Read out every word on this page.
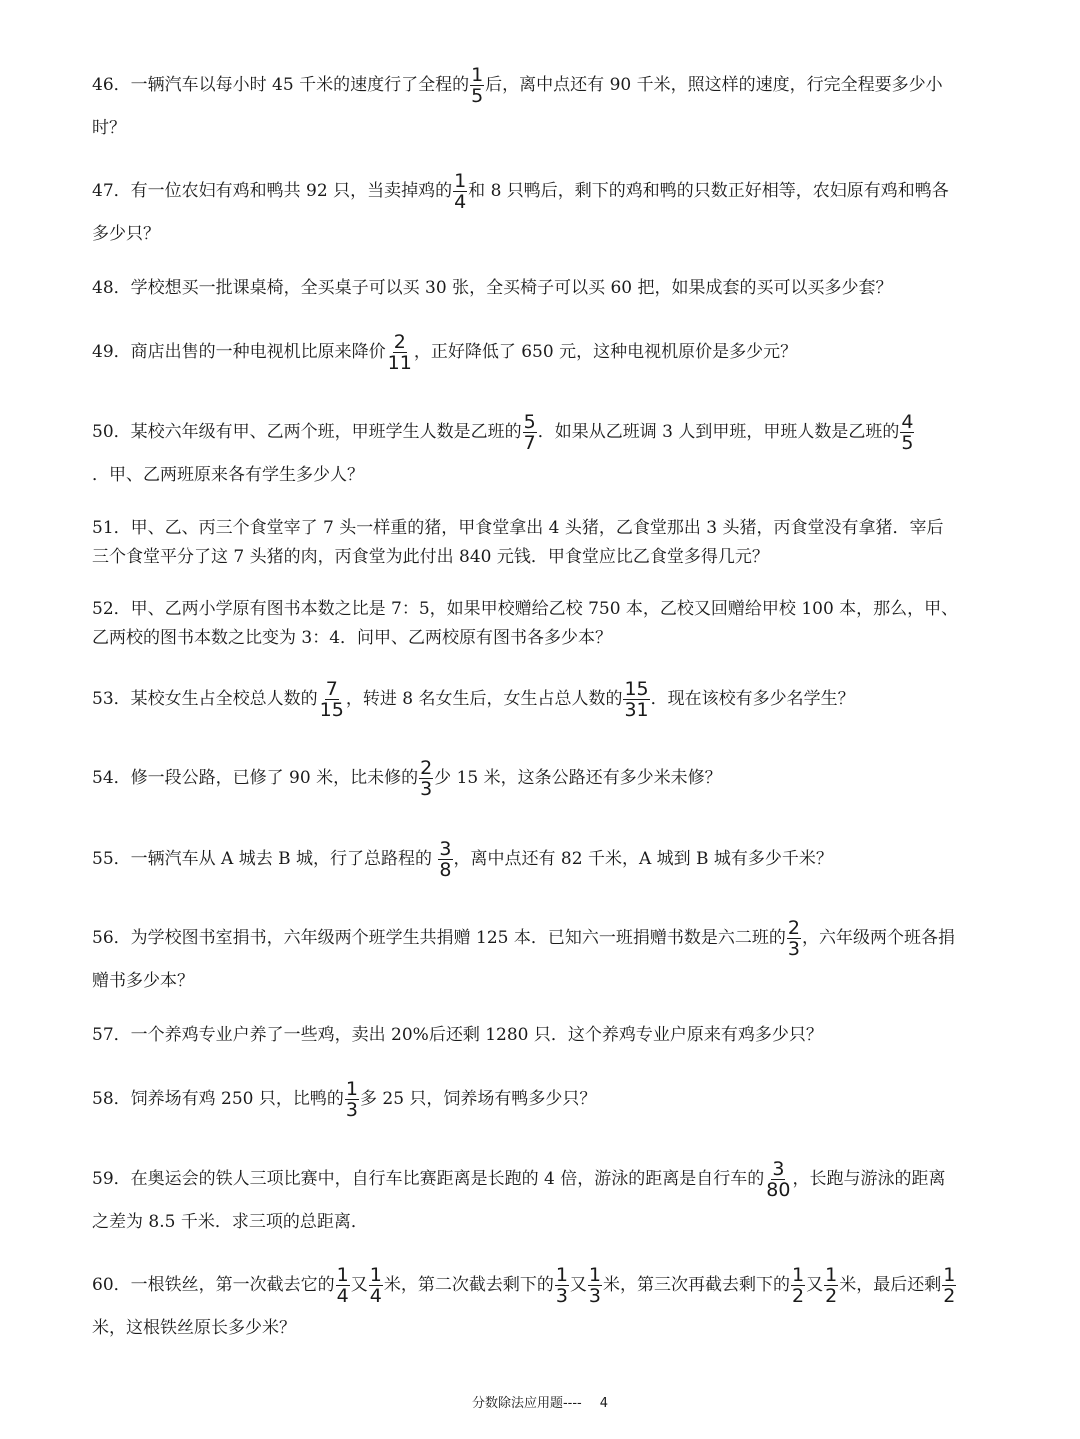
46．一辆汽车以每小时 45 千米的速度行了全程的 $\frac{1}{5}$ 后，离中点还有 90 千米，照这样的速度，行完全程要多少小
时？
47．有一位农妇有鸡和鸭共 92 只，当卖掉鸡的 $\frac{1}{4}$ 和 8 只鸭后，剩下的鸡和鸭的只数正好相等，农妇原有鸡和鸭各
多少只？
48．学校想买一批课桌椅，全买桌子可以买 30 张，全买椅子可以买 60 把，如果成套的买可以买多少套？
49．商店出售的一种电视机比原来降价 $\frac{2}{11}$ ，正好降低了 650 元，这种电视机原价是多少元？
50．某校六年级有甲、乙两个班，甲班学生人数是乙班的 $\frac{5}{7}$ ．如果从乙班调 3 人到甲班，甲班人数是乙班的 $\frac{4}{5}$

．甲、乙两班原来各有学生多少人？
51．甲、乙、丙三个食堂宰了 7 头一样重的猪，甲食堂拿出 4 头猪，乙食堂那出 3 头猪，丙食堂没有拿猪．宰后
三个食堂平分了这 7 头猪的肉，丙食堂为此付出 840 元钱．甲食堂应比乙食堂多得几元？
52．甲、乙两小学原有图书本数之比是 7：5，如果甲校赠给乙校 750 本，乙校又回赠给甲校 100 本，那么，甲、
乙两校的图书本数之比变为 3：4．问甲、乙两校原有图书各多少本？
53．某校女生占全校总人数的 $\frac{7}{15}$ ，转进 8 名女生后，女生占总人数的 $\frac{15}{31}$ ．现在该校有多少名学生？
54．修一段公路，已修了 90 米，比未修的 $\frac{2}{3}$ 少 15 米，这条公路还有多少米未修？
55．一辆汽车从 A 城去 B 城，行了总路程的 $\frac{3}{8}$ ，离中点还有 82 千米，A 城到 B 城有多少千米？
56．为学校图书室捐书，六年级两个班学生共捐赠 125 本．已知六一班捐赠书数是六二班的 $\frac{2}{3}$ ，六年级两个班各捐
赠书多少本？
57．一个养鸡专业户养了一些鸡，卖出 20%后还剩 1280 只．这个养鸡专业户原来有鸡多少只？
58．饲养场有鸡 250 只，比鸭的 $\frac{1}{3}$ 多 25 只，饲养场有鸭多少只？
59．在奥运会的铁人三项比赛中，自行车比赛距离是长跑的 4 倍，游泳的距离是自行车的 $\frac{3}{80}$ ，长跑与游泳的距离
之差为 8.5 千米．求三项的总距离．
60．一根铁丝，第一次截去它的 $\frac{1}{4}$ 又 $\frac{1}{4}$ 米，第二次截去剩下的 $\frac{1}{3}$ 又 $\frac{1}{3}$ 米，第三次再截去剩下的 $\frac{1}{2}$ 又 $\frac{1}{2}$ 米，最后还剩 $\frac{1}{2}$

米，这根铁丝原长多少米？
分数除法应用题---- 4
